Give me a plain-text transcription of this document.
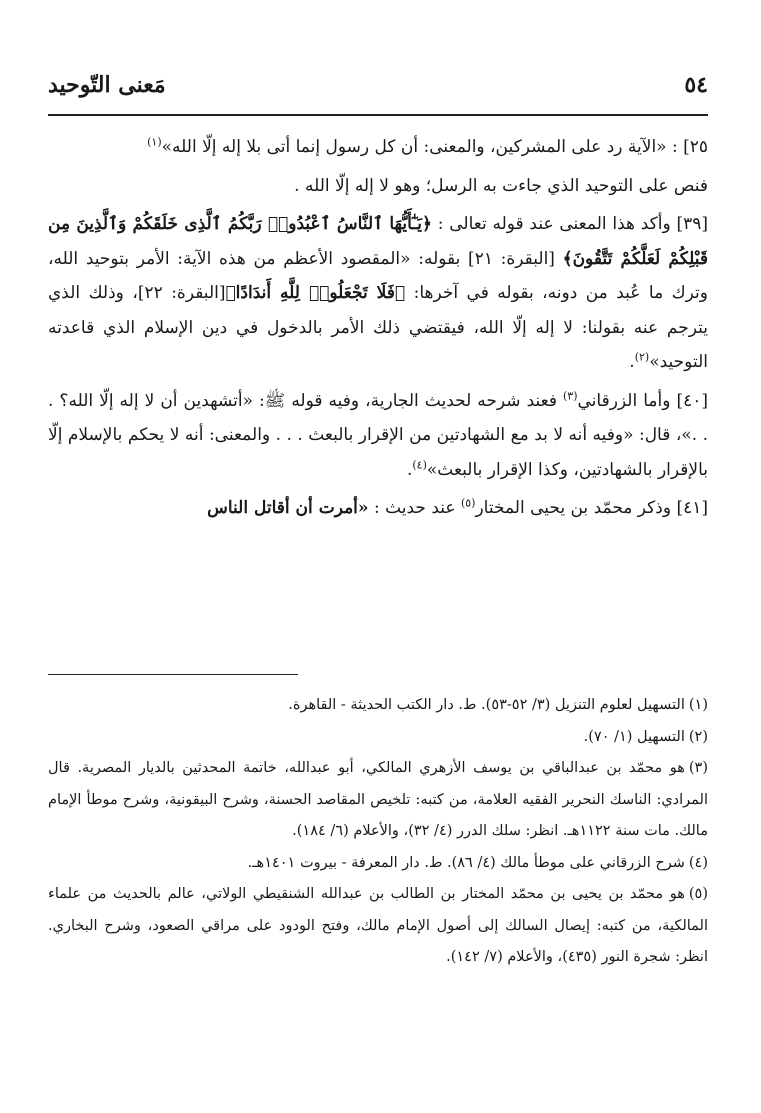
٥٤
مَعنى التّوحيد

٢٥] : «الآية رد على المشركين، والمعنى: أن كل رسول إنما أتى بلا إله إلّا الله»$^{(١)}$

فنص على التوحيد الذي جاءت به الرسل؛ وهو لا إله إلّا الله .

[٣٩] وأكد هذا المعنى عند قوله تعالى : ﴿يَـٰٓأَيُّهَا ٱلنَّاسُ ٱعْبُدُوا۟ رَبَّكُمُ ٱلَّذِى خَلَقَكُمْ وَٱلَّذِينَ مِن قَبْلِكُمْ لَعَلَّكُمْ تَتَّقُونَ﴾ [البقرة: ٢١] بقوله: «المقصود الأعظم من هذه الآية: الأمر بتوحيد الله، وترك ما عُبد من دونه، بقوله في آخرها: ﴿فَلَا تَجْعَلُوا۟ لِلَّهِ أَندَادًا﴾[البقرة: ٢٢]، وذلك الذي يترجم عنه بقولنا: لا إله إلّا الله، فيقتضي ذلك الأمر بالدخول في دين الإسلام الذي قاعدته التوحيد»$^{(٢)}$.

[٤٠] وأما الزرقاني$^{(٣)}$ فعند شرحه لحديث الجارية، وفيه قوله ﷺ: «أتشهدين أن لا إله إلّا الله؟ . . .»، قال: «وفيه أنه لا بد مع الشهادتين من الإقرار بالبعث . . . والمعنى: أنه لا يحكم بالإسلام إلّا بالإقرار بالشهادتين، وكذا الإقرار بالبعث»$^{(٤)}$.

[٤١] وذكر محمّد بن يحيى المختار$^{(٥)}$ عند حديث : «أمرت أن أقاتل الناس

(١)التسهيل لعلوم التنزيل (٣/ ٥٢-٥٣). ط. دار الكتب الحديثة - القاهرة.

(٢)التسهيل (١/ ٧٠).

(٣)هو محمّد بن عبدالباقي بن يوسف الأزهري المالكي، أبو عبدالله، خاتمة المحدثين بالديار المصرية. قال المرادي: الناسك النحرير الفقيه العلامة، من كتبه: تلخيص المقاصد الحسنة، وشرح البيقونية، وشرح موطأ الإمام مالك. مات سنة ١١٢٢هـ. انظر: سلك الدرر (٤/ ٣٢)، والأعلام (٦/ ١٨٤).

(٤)شرح الزرقاني على موطأ مالك (٤/ ٨٦). ط. دار المعرفة - بيروت ١٤٠١هـ.

(٥)هو محمّد بن يحيى بن محمّد المختار بن الطالب بن عبدالله الشنقيطي الولاتي، عالم بالحديث من علماء المالكية، من كتبه: إيصال السالك إلى أصول الإمام مالك، وفتح الودود على مراقي الصعود، وشرح البخاري. انظر: شجرة النور (٤٣٥)، والأعلام (٧/ ١٤٢).
